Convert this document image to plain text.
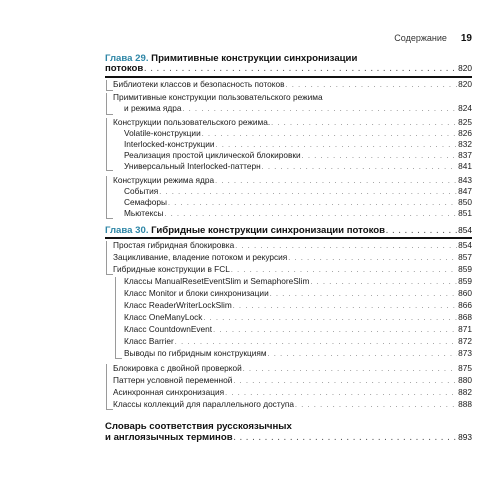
Содержание 19
Глава 29. Примитивные конструкции синхронизации
потоков . . .	820
Библиотеки классов и безопасность потоков . . .	820
Примитивные конструкции пользовательского режима
и режима ядра . . .	824
Конструкции пользовательского режима. . . .	825
Volatile-конструкции . . .	826
Interlocked-конструкции . . .	832
Реализация простой циклической блокировки . . .	837
Универсальный Interlocked-паттерн . . .	841
Конструкции режима ядра . . .	843
События . . .	847
Семафоры . . .	850
Мьютексы . . .	851
Глава 30. Гибридные конструкции синхронизации потоков . . .	854
Простая гибридная блокировка . . .	854
Зацикливание, владение потоком и рекурсия . . .	857
Гибридные конструкции в FCL . . .	859
Классы ManualResetEventSlim и SemaphoreSlim . . .	859
Класс Monitor и блоки синхронизации . . .	860
Класс ReaderWriterLockSlim . . .	866
Класс OneManyLock . . .	868
Класс CountdownEvent . . .	871
Класс Barrier . . .	872
Выводы по гибридным конструкциям . . .	873
Блокировка с двойной проверкой . . .	875
Паттерн условной переменной . . .	880
Асинхронная синхронизация . . .	882
Классы коллекций для параллельного доступа . . .	888
Словарь соответствия русскоязычных
и англоязычных терминов . . .	893
